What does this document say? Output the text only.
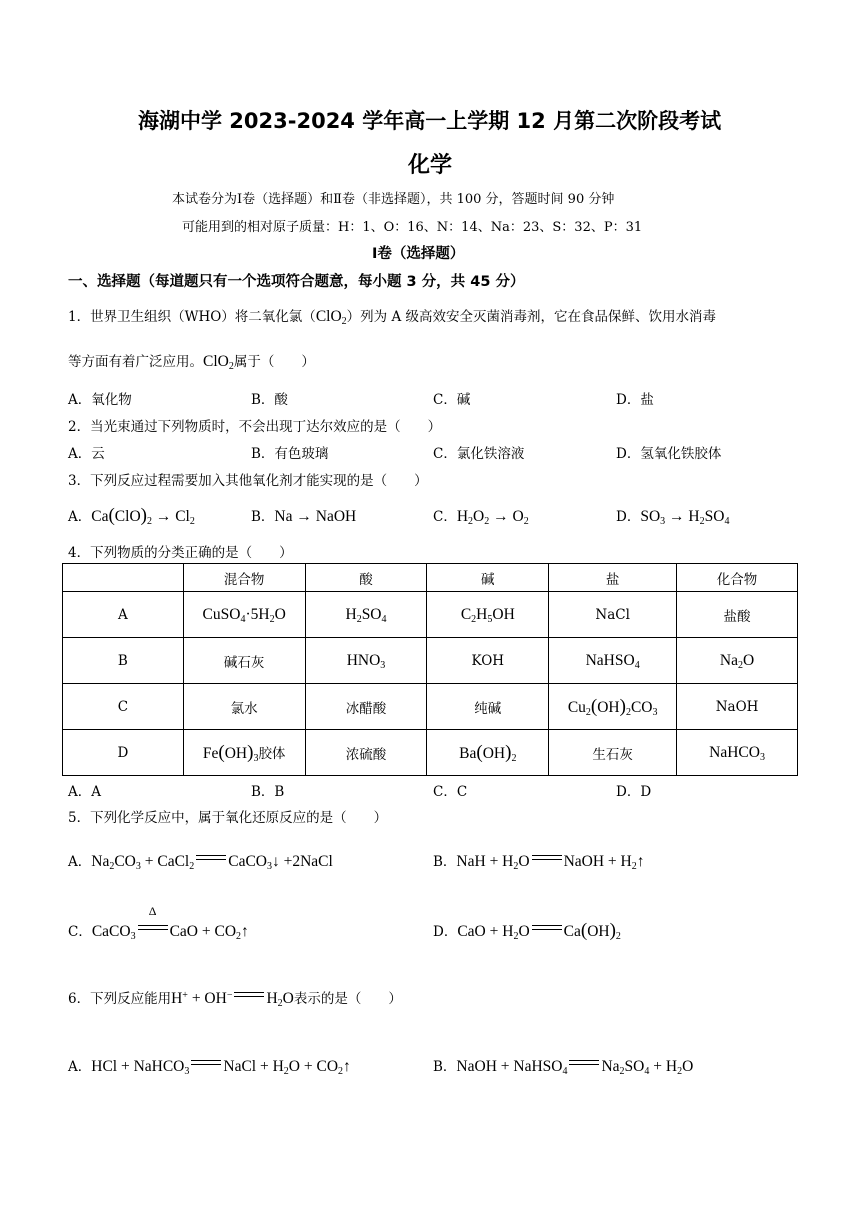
海湖中学 2023-2024 学年高一上学期 12 月第二次阶段考试
化学
本试卷分为Ⅰ卷（选择题）和Ⅱ卷（非选择题），共 100 分，答题时间 90 分钟
可能用到的相对原子质量：H：1、O：16、N：14、Na：23、S：32、P：31
Ⅰ卷（选择题）
一、选择题（每道题只有一个选项符合题意，每小题 3 分，共 45 分）
1．世界卫生组织（WHO）将二氧化氯（ClO$_2$）列为 A 级高效安全灭菌消毒剂，它在食品保鲜、饮用水消毒
等方面有着广泛应用。ClO$_2$属于（　　）
A．氧化物	B．酸	C．碱	D．盐
2．当光束通过下列物质时，不会出现丁达尔效应的是（　　）
A．云	B．有色玻璃	C．氯化铁溶液	D．氢氧化铁胶体
3．下列反应过程需要加入其他氧化剂才能实现的是（　　）
A．$Ca(ClO)_2 \to Cl_2$	B．Na → NaOH	C．$H_2O_2 \to O_2$	D．$SO_3 \to H_2SO_4$
4．下列物质的分类正确的是（　　）
	混合物	酸	碱	盐	化合物
A	$CuSO_4\cdot 5H_2O$	$H_2SO_4$	$C_2H_5OH$	NaCl	盐酸
B	碱石灰	$HNO_3$	KOH	NaHSO$_4$	$Na_2O$
C	氯水	冰醋酸	纯碱	$Cu_2(OH)_2CO_3$	NaOH
D	$Fe(OH)_3$胶体	浓硫酸	$Ba(OH)_2$	生石灰	NaHCO$_3$
A．A	B．B	C．C	D．D
5．下列化学反应中，属于氧化还原反应的是（　　）
A．$Na_2CO_3$ + CaCl$_2$ CaCO$_3$↓ +2NaCl	B．NaH + $H_2O$ NaOH + $H_2↑$
C．CaCO$_3$
Δ
CaO + $CO_2↑$	D．CaO + $H_2O$ $Ca(OH)_2$
6．下列反应能用H+ + OH− $H_2O$表示的是（　　）
A．HCl + NaHCO$_3$ NaCl + $H_2O$ + $CO_2↑$	B．NaOH + NaHSO$_4$ $Na_2SO_4 + H_2O$
